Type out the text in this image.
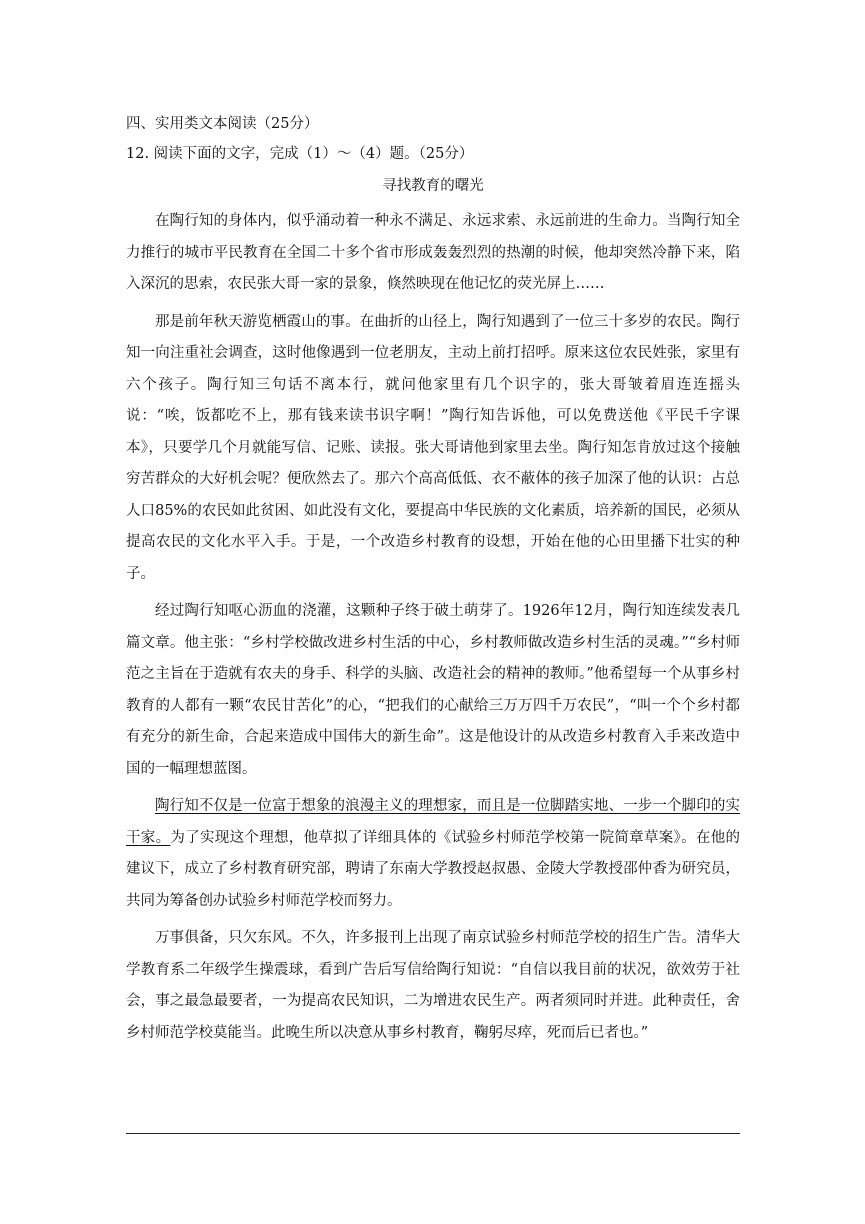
四、实用类文本阅读（25分）

12. 阅读下面的文字，完成（1）～（4）题。（25分）

寻找教育的曙光

在陶行知的身体内，似乎涌动着一种永不满足、永远求索、永远前进的生命力。当陶行知全力推行的城市平民教育在全国二十多个省市形成轰轰烈烈的热潮的时候，他却突然冷静下来，陷入深沉的思索，农民张大哥一家的景象，倏然映现在他记忆的荧光屏上……

那是前年秋天游览栖霞山的事。在曲折的山径上，陶行知遇到了一位三十多岁的农民。陶行知一向注重社会调查，这时他像遇到一位老朋友，主动上前打招呼。原来这位农民姓张，家里有六个孩子。陶行知三句话不离本行，就问他家里有几个识字的，张大哥皱着眉连连摇头说：“唉，饭都吃不上，那有钱来读书识字啊！”陶行知告诉他，可以免费送他《平民千字课本》，只要学几个月就能写信、记账、读报。张大哥请他到家里去坐。陶行知怎肯放过这个接触穷苦群众的大好机会呢？便欣然去了。那六个高高低低、衣不蔽体的孩子加深了他的认识：占总人口85%的农民如此贫困、如此没有文化，要提高中华民族的文化素质，培养新的国民，必须从提高农民的文化水平入手。于是，一个改造乡村教育的设想，开始在他的心田里播下壮实的种子。

经过陶行知呕心沥血的浇灌，这颗种子终于破土萌芽了。1926年12月，陶行知连续发表几篇文章。他主张：“乡村学校做改进乡村生活的中心，乡村教师做改造乡村生活的灵魂。”“乡村师范之主旨在于造就有农夫的身手、科学的头脑、改造社会的精神的教师。”他希望每一个从事乡村教育的人都有一颗“农民甘苦化”的心，“把我们的心献给三万万四千万农民”，“叫一个个乡村都有充分的新生命，合起来造成中国伟大的新生命”。这是他设计的从改造乡村教育入手来改造中国的一幅理想蓝图。

陶行知不仅是一位富于想象的浪漫主义的理想家，而且是一位脚踏实地、一步一个脚印的实干家。为了实现这个理想，他草拟了详细具体的《试验乡村师范学校第一院简章草案》。在他的建议下，成立了乡村教育研究部，聘请了东南大学教授赵叔愚、金陵大学教授邵仲香为研究员，共同为筹备创办试验乡村师范学校而努力。

万事俱备，只欠东风。不久，许多报刊上出现了南京试验乡村师范学校的招生广告。清华大学教育系二年级学生操震球，看到广告后写信给陶行知说：“自信以我目前的状况，欲效劳于社会，事之最急最要者，一为提高农民知识，二为增进农民生产。两者须同时并进。此种责任，舍乡村师范学校莫能当。此晚生所以决意从事乡村教育，鞠躬尽瘁，死而后已者也。”
